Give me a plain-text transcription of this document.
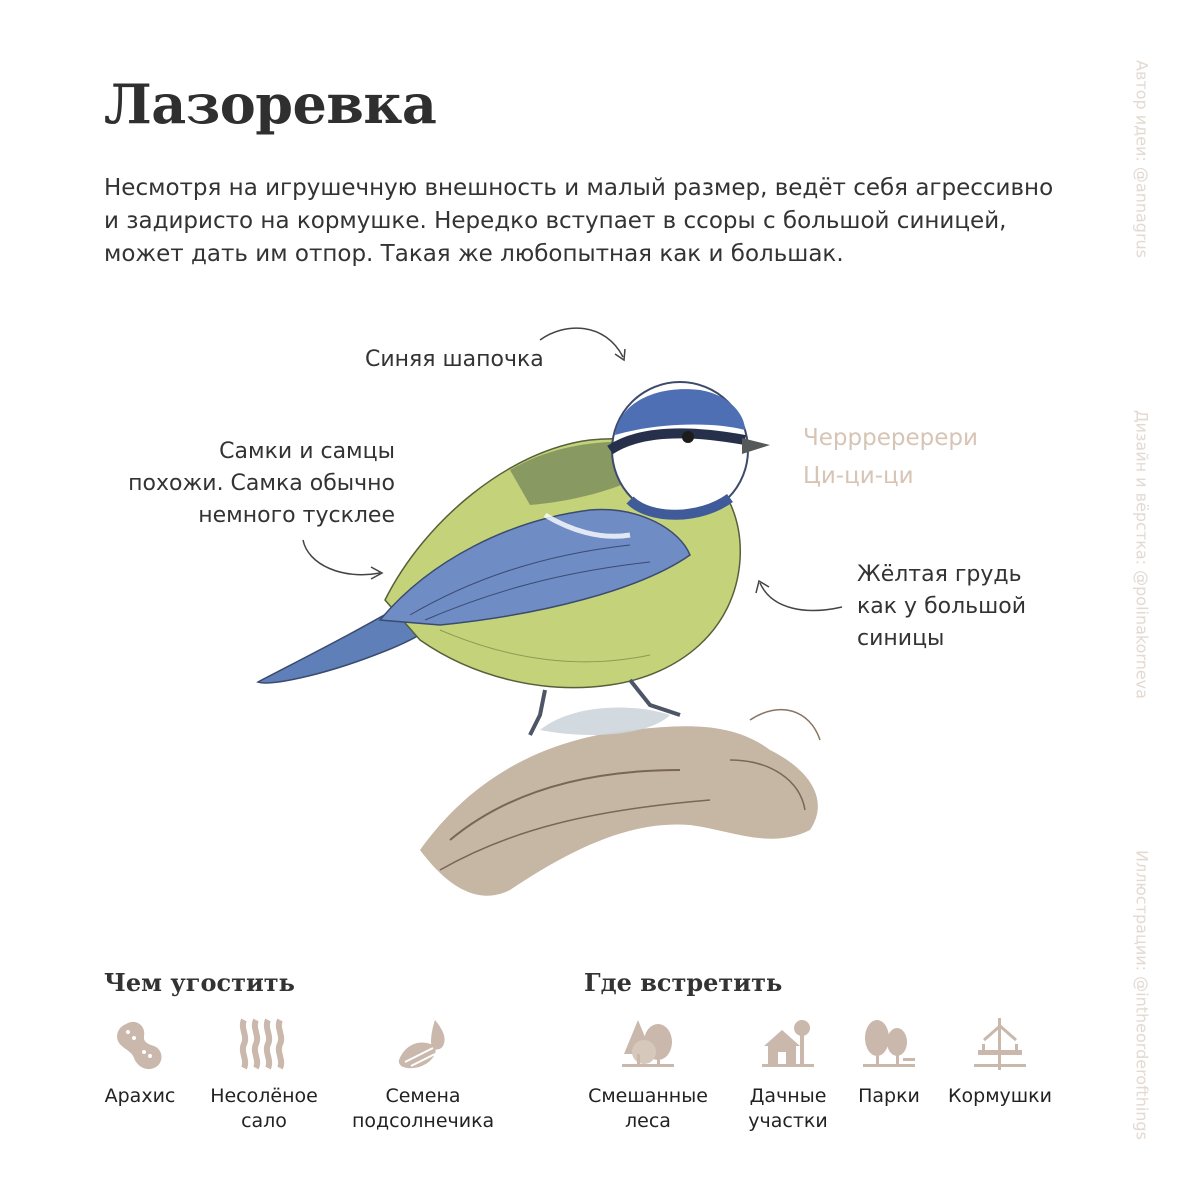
Лазоревка

Несмотря на игрушечную внешность и малый размер, ведёт себя агрессивно
и задиристо на кормушке. Нередко вступает в ссоры с большой синицей,
может дать им отпор. Такая же любопытная как и большак.

Синяя шапочка
Самки и самцы
похожи. Самка обычно
немного тусклее
Черрреререри
Ци-ци-ци
Жёлтая грудь
как у большой
синицы
Чем угостить
Арахис Несолёное
сало
Семена
подсолнечика
Где встретить
Смешанные
леса
Дачные
участки
Парки Кормушки
Автор идеи: @annagrus
Дизайн и вёрстка: @polinakorneva
Иллюстрации: @intheorderofthings
